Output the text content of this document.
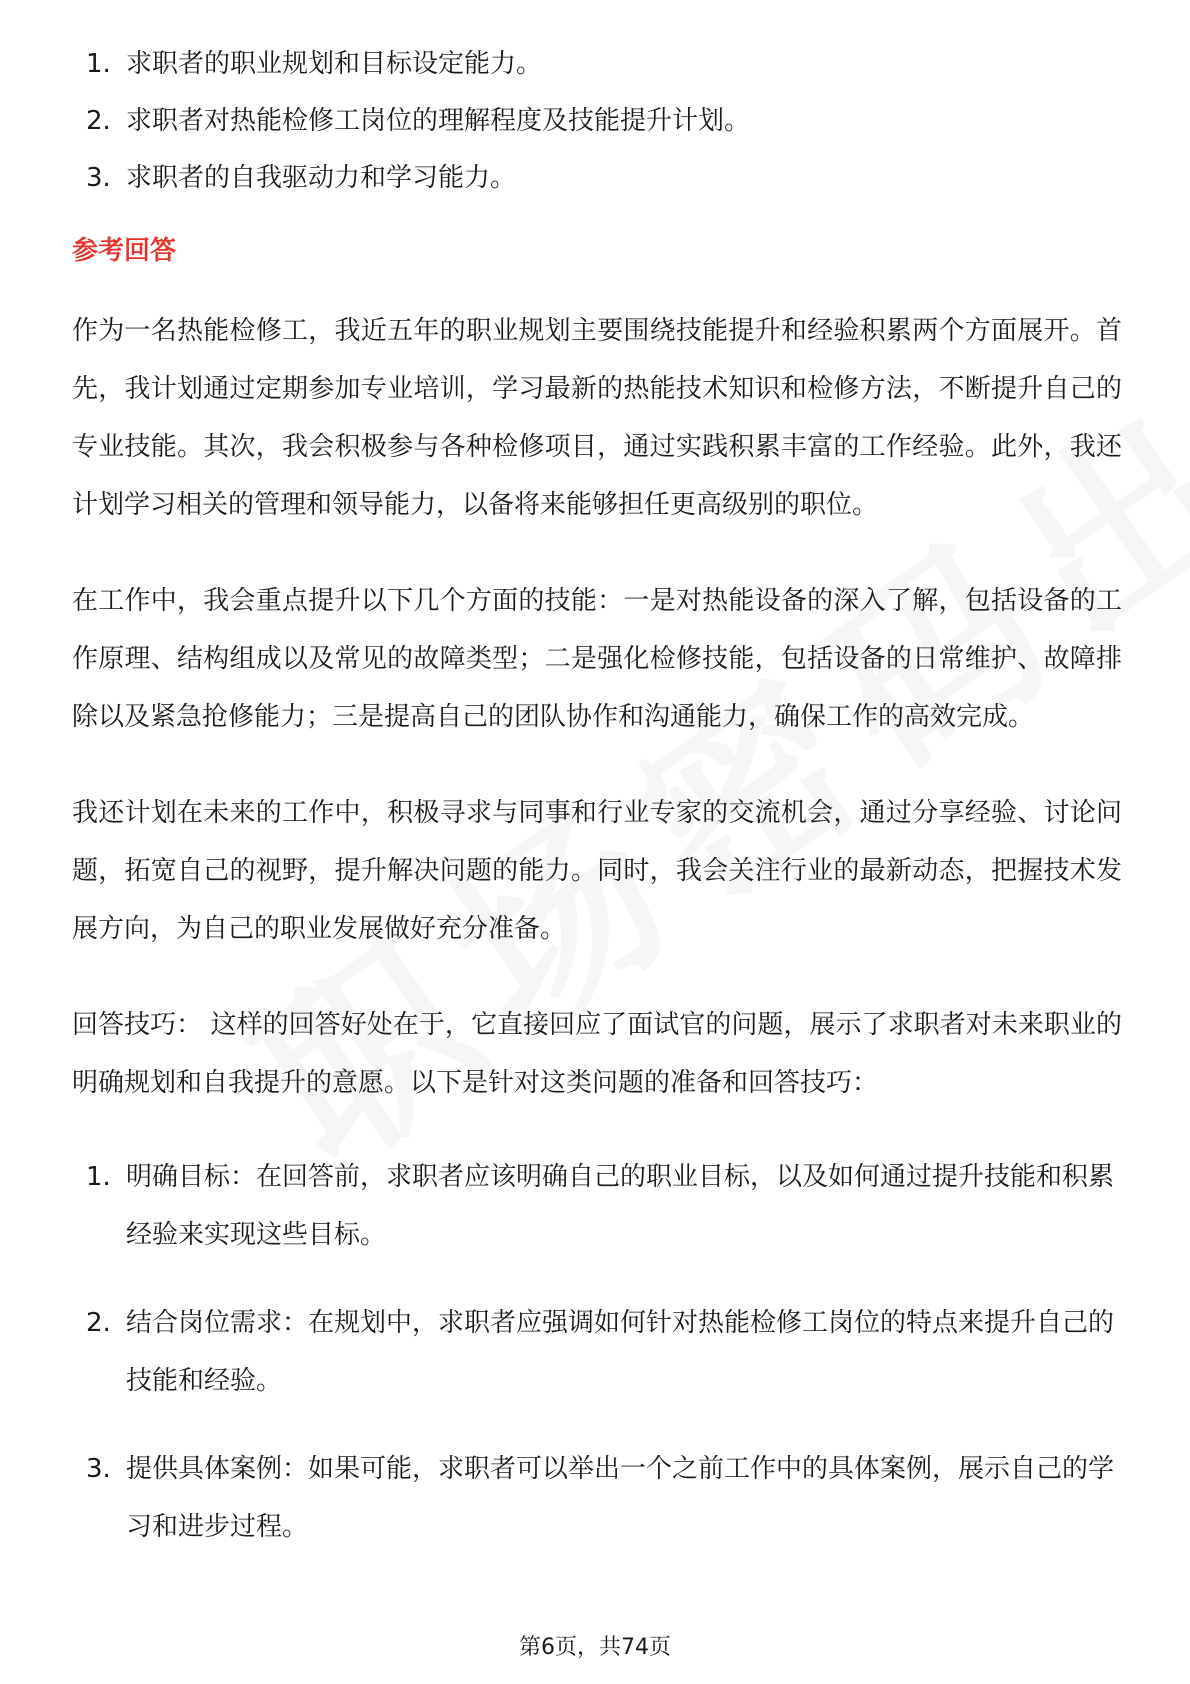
1. 求职者的职业规划和目标设定能力。
2. 求职者对热能检修工岗位的理解程度及技能提升计划。
3. 求职者的自我驱动力和学习能力。
参考回答

作为一名热能检修工，我近五年的职业规划主要围绕技能提升和经验积累两个方面展开。首先，我计划通过定期参加专业培训，学习最新的热能技术知识和检修方法，不断提升自己的专业技能。其次，我会积极参与各种检修项目，通过实践积累丰富的工作经验。此外，我还计划学习相关的管理和领导能力，以备将来能够担任更高级别的职位。

在工作中，我会重点提升以下几个方面的技能：一是对热能设备的深入了解，包括设备的工作原理、结构组成以及常见的故障类型；二是强化检修技能，包括设备的日常维护、故障排除以及紧急抢修能力；三是提高自己的团队协作和沟通能力，确保工作的高效完成。

我还计划在未来的工作中，积极寻求与同事和行业专家的交流机会，通过分享经验、讨论问题，拓宽自己的视野，提升解决问题的能力。同时，我会关注行业的最新动态，把握技术发展方向，为自己的职业发展做好充分准备。

回答技巧： 这样的回答好处在于，它直接回应了面试官的问题，展示了求职者对未来职业的明确规划和自我提升的意愿。以下是针对这类问题的准备和回答技巧：

1. 明确目标：在回答前，求职者应该明确自己的职业目标，以及如何通过提升技能和积累经验来实现这些目标。
2. 结合岗位需求：在规划中，求职者应强调如何针对热能检修工岗位的特点来提升自己的技能和经验。
3. 提供具体案例：如果可能，求职者可以举出一个之前工作中的具体案例，展示自己的学习和进步过程。
第6页，共74页
